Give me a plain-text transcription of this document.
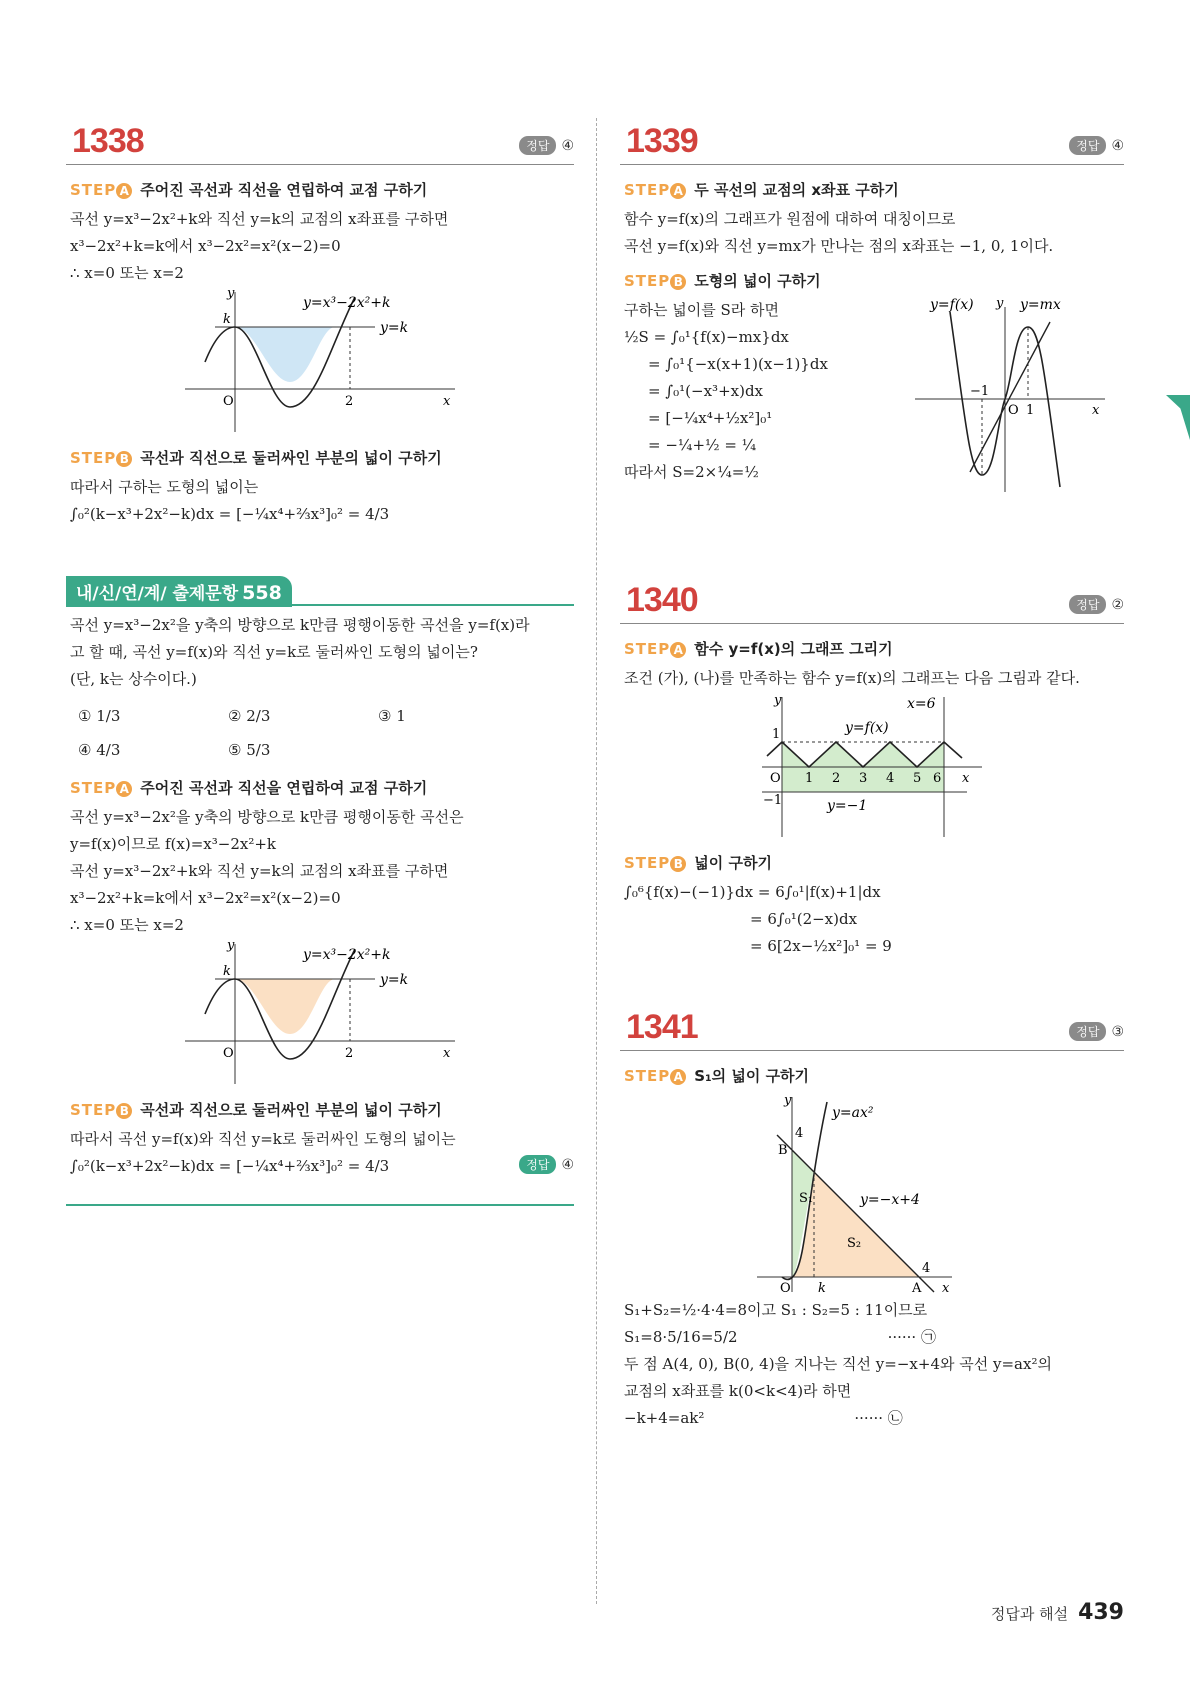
1338	정답 ④
STEP A 주어진 곡선과 직선을 연립하여 교점 구하기
곡선 y=x³−2x²+k와 직선 y=k의 교점의 x좌표를 구하면
x³−2x²+k=k에서 x³−2x²=x²(x−2)=0
∴ x=0 또는 x=2
y=x³−2x²+k
y=k
k
O	2	x
y
STEP B 곡선과 직선으로 둘러싸인 부분의 넓이 구하기
따라서 구하는 도형의 넓이는
∫₀²(k−x³+2x²−k)dx = [−¼x⁴+⅔x³]₀² = 4/3
내/신/연/계/ 출제문항 558
곡선 y=x³−2x²을 y축의 방향으로 k만큼 평행이동한 곡선을 y=f(x)라
고 할 때, 곡선 y=f(x)와 직선 y=k로 둘러싸인 도형의 넓이는?
(단, k는 상수이다.)
① 1/3	② 2/3	③ 1
④ 4/3	⑤ 5/3
STEP A 주어진 곡선과 직선을 연립하여 교점 구하기
곡선 y=x³−2x²을 y축의 방향으로 k만큼 평행이동한 곡선은
y=f(x)이므로 f(x)=x³−2x²+k
곡선 y=x³−2x²+k와 직선 y=k의 교점의 x좌표를 구하면
x³−2x²+k=k에서 x³−2x²=x²(x−2)=0
∴ x=0 또는 x=2
y=x³−2x²+k
y=k
k
O	2	x
y
STEP B 곡선과 직선으로 둘러싸인 부분의 넓이 구하기
따라서 곡선 y=f(x)와 직선 y=k로 둘러싸인 도형의 넓이는
∫₀²(k−x³+2x²−k)dx = [−¼x⁴+⅔x³]₀² = 4/3	정답 ④
1339	정답 ④
STEP A 두 곡선의 교점의 x좌표 구하기
함수 y=f(x)의 그래프가 원점에 대하여 대칭이므로
곡선 y=f(x)와 직선 y=mx가 만나는 점의 x좌표는 −1, 0, 1이다.
STEP B 도형의 넓이 구하기
구하는 넓이를 S라 하면
½S = ∫₀¹{f(x)−mx}dx
= ∫₀¹{−x(x+1)(x−1)}dx
= ∫₀¹(−x³+x)dx
= [−¼x⁴+½x²]₀¹
= −¼+½ = ¼
따라서 S=2×¼=½
y=f(x) y y=mx
−1
O 1	x
1340	정답 ②
STEP A 함수 y=f(x)의 그래프 그리기
조건 (가), (나)를 만족하는 함수 y=f(x)의 그래프는 다음 그림과 같다.
y	x=6
1	y=f(x)
O 1 2 3 4 5 6 x
−1	y=−1
STEP B 넓이 구하기
∫₀⁶{f(x)−(−1)}dx = 6∫₀¹|f(x)+1|dx
= 6∫₀¹(2−x)dx
= 6[2x−½x²]₀¹ = 9
1341	정답 ③
STEP A S₁의 넓이 구하기
y
y=ax²
4
B
S₁	y=−x+4
S₂
O k
4
A x
S₁+S₂=½·4·4=8이고 S₁ : S₂=5 : 11이므로
S₁=8·5/16=5/2	······ ㉠
두 점 A(4, 0), B(0, 4)을 지나는 직선 y=−x+4와 곡선 y=ax²의
교점의 x좌표를 k(0<k<4)라 하면
−k+4=ak²	······ ㉡
정답과 해설 439
